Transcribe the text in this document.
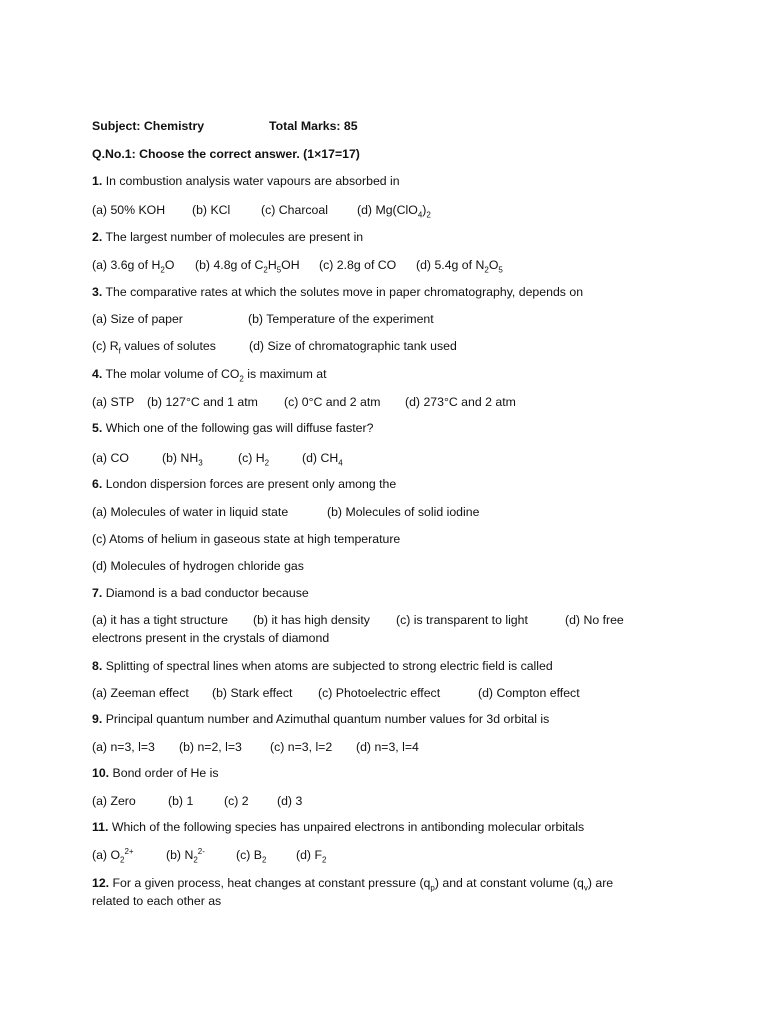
Subject: Chemistry	Total Marks: 85
Q.No.1: Choose the correct answer. (1×17=17)
1. In combustion analysis water vapours are absorbed in
(a) 50% KOH (b) KCl (c) Charcoal (d) $Mg(ClO_4)_2$
2. The largest number of molecules are present in
(a) 3.6g of $H_2O$ (b) 4.8g of $C_2H_5OH$ (c) 2.8g of CO (d) 5.4g of $N_2O_5$
3. The comparative rates at which the solutes move in paper chromatography, depends on
(a) Size of paper	(b) Temperature of the experiment
(c) $R_f$ values of solutes	(d) Size of chromatographic tank used
4. The molar volume of $CO_2$ is maximum at
(a) STP (b) 127°C and 1 atm (c) 0°C and 2 atm (d) 273°C and 2 atm
5. Which one of the following gas will diffuse faster?
(a) CO	(b) $NH_3$	(c) $H_2$	(d) $CH_4$
6. London dispersion forces are present only among the
(a) Molecules of water in liquid state	(b) Molecules of solid iodine
(c) Atoms of helium in gaseous state at high temperature
(d) Molecules of hydrogen chloride gas
7. Diamond is a bad conductor because
(a) it has a tight structure (b) it has high density (c) is transparent to light	(d) No free
electrons present in the crystals of diamond
8. Splitting of spectral lines when atoms are subjected to strong electric field is called
(a) Zeeman effect (b) Stark effect (c) Photoelectric effect	(d) Compton effect
9. Principal quantum number and Azimuthal quantum number values for 3d orbital is
(a) n=3, l=3 (b) n=2, l=3 (c) n=3, l=2 (d) n=3, l=4
10. Bond order of He is
(a) Zero	(b) 1 (c) 2 (d) 3
11. Which of the following species has unpaired electrons in antibonding molecular orbitals
(a) $O_2^{2+}$	(b) $N_2^{2-}$	(c) $B_2$ (d) $F_2$
12. For a given process, heat changes at constant pressure $(q_p)$ and at constant volume $(q_v)$ are
related to each other as
